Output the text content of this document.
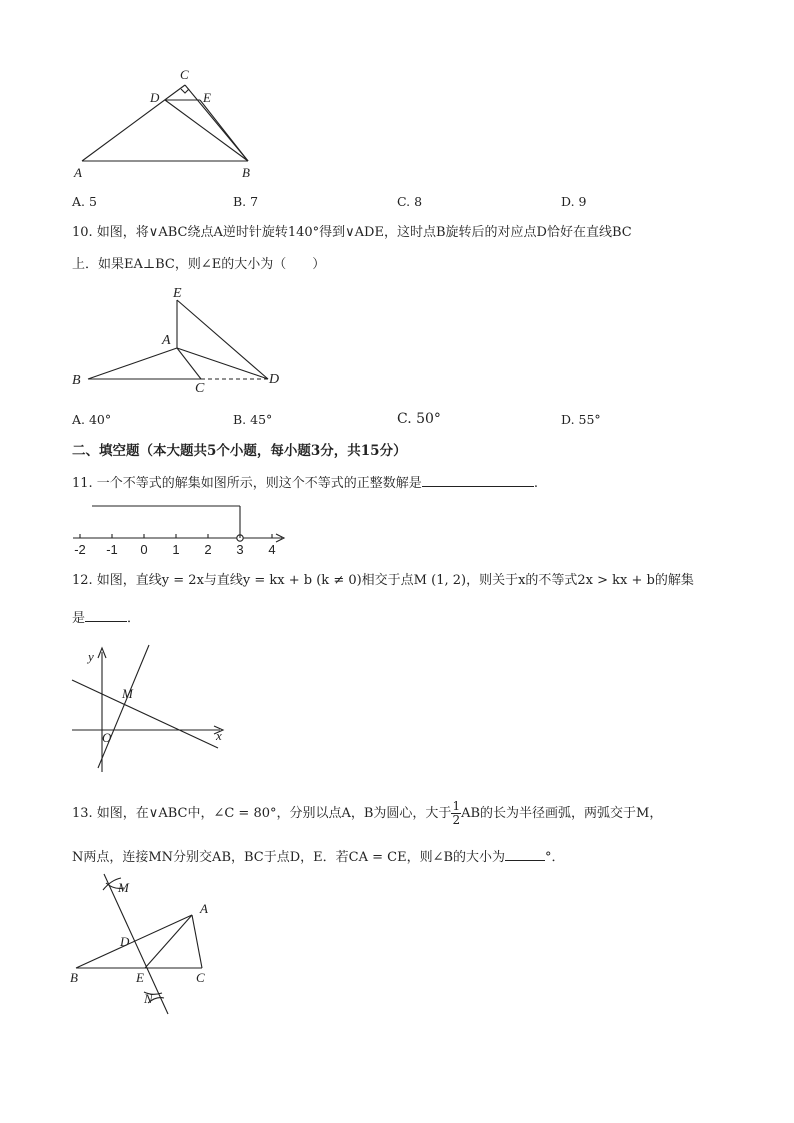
C
D	E
A	B
A. 5	B. 7	C. 8	D. 9
10. 如图，将∨ABC绕点A逆时针旋转140°得到∨ADE，这时点B旋转后的对应点D恰好在直线BC
上．如果EA⊥BC，则∠E的大小为（　　）
E
A
B
C
D
A. 40°	B. 45°	C. 50°	D. 55°
二、填空题（本大题共5个小题，每小题3分，共15分）
11. 一个不等式的解集如图所示，则这个不等式的正整数解是	.
-2 -1 0 1 2 3 4
12. 如图，直线y = 2x与直线y = kx + b (k ≠ 0)相交于点M (1, 2)，则关于x的不等式2x > kx + b的解集
是	．
y
M
O	x
13. 如图，在∨ABC中，∠C = 80°，分别以点A，B为圆心，大于 $\frac{1}{2}$ AB的长为半径画弧，两弧交于M，
N两点，连接MN分别交AB，BC于点D，E．若CA = CE，则∠B的大小为	°．
M
A
D
B	E	C
N
